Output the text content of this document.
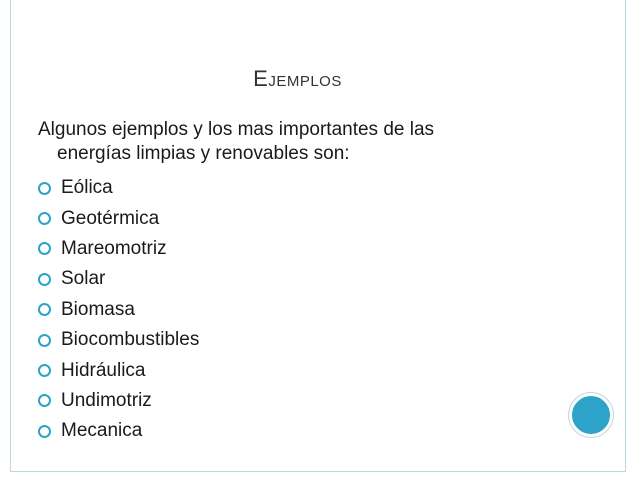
Ejemplos
Algunos ejemplos y los mas importantes de las
energías limpias y renovables son:
Eólica
Geotérmica
Mareomotriz
Solar
Biomasa
Biocombustibles
Hidráulica
Undimotriz
Mecanica
